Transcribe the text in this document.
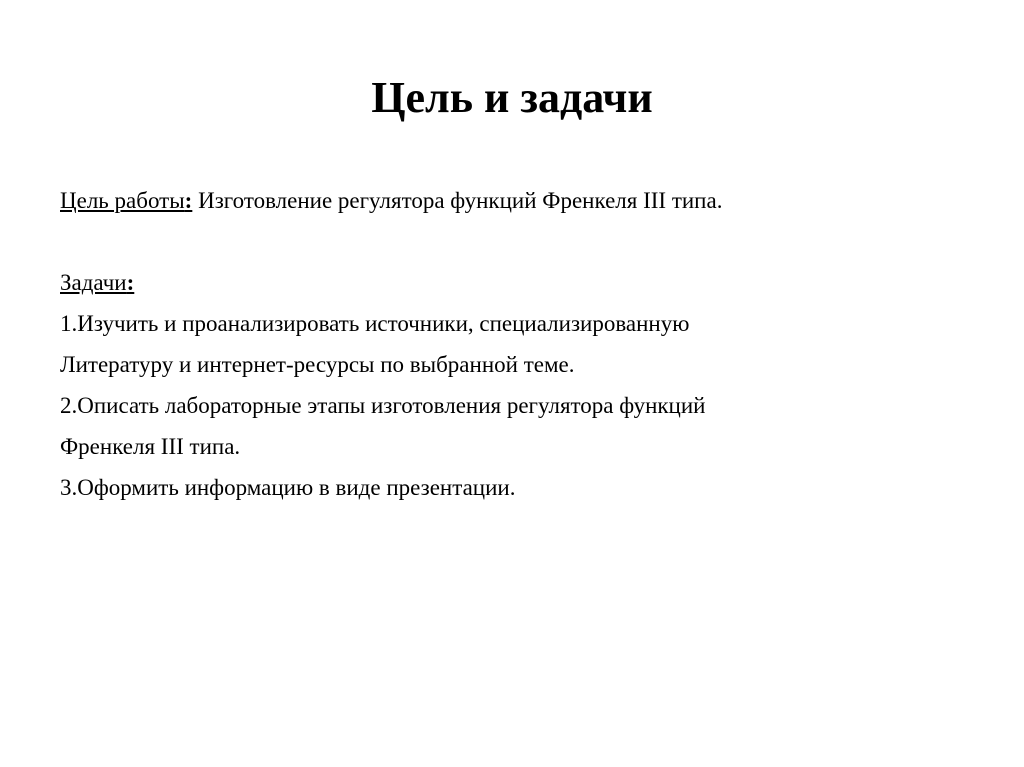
Цель и задачи
Цель работы: Изготовление регулятора функций Френкеля III типа.
Задачи:
1.Изучить и проанализировать источники, специализированную
Литературу и интернет-ресурсы по выбранной теме.
2.Описать лабораторные этапы изготовления регулятора функций
Френкеля III типа.
3.Оформить информацию в виде презентации.
